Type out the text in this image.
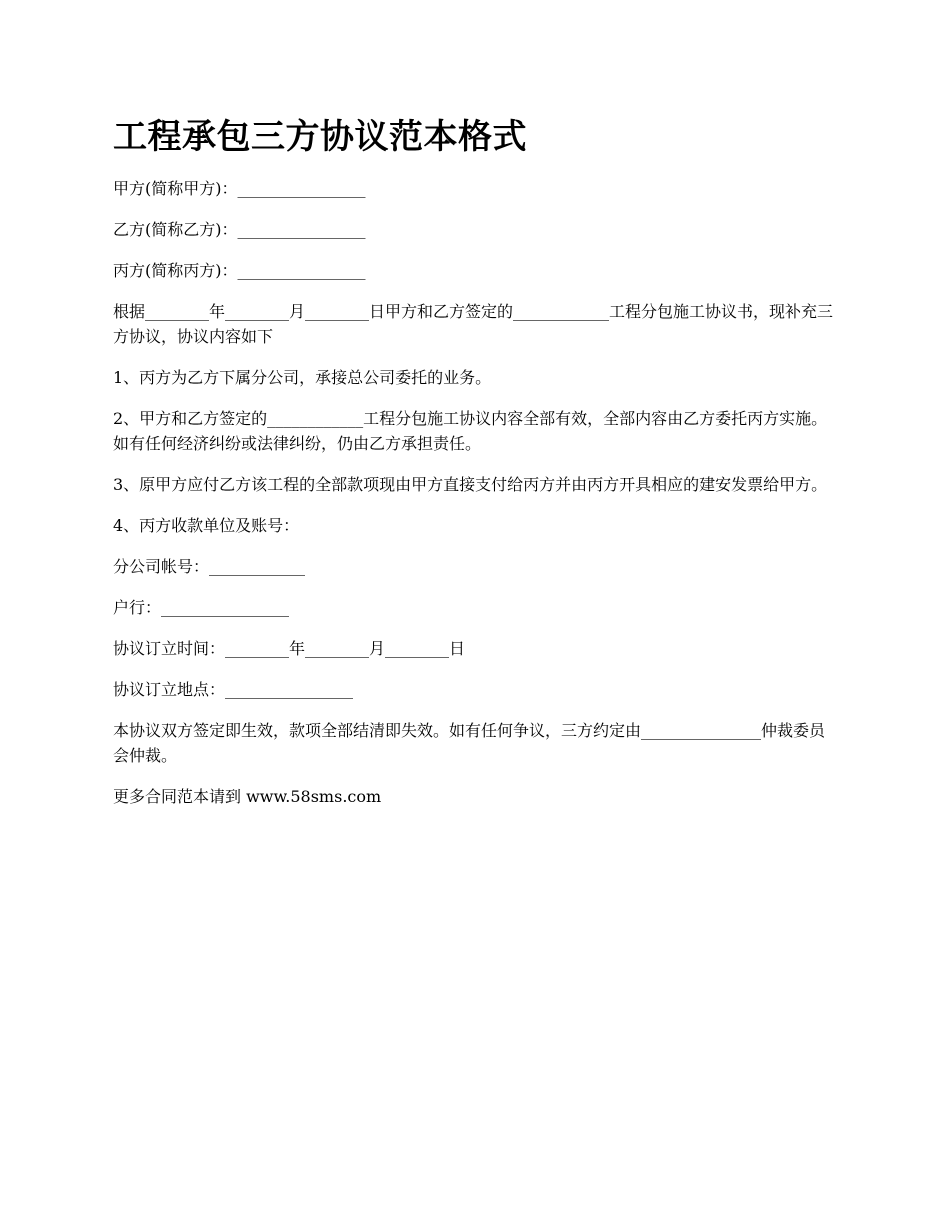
工程承包三方协议范本格式

甲方(简称甲方)：________________

乙方(简称乙方)：________________

丙方(简称丙方)：________________

根据________年________月________日甲方和乙方签定的____________工程分包施工协议书，现补充三方协议，协议内容如下

1、丙方为乙方下属分公司，承接总公司委托的业务。

2、甲方和乙方签定的____________工程分包施工协议内容全部有效，全部内容由乙方委托丙方实施。如有任何经济纠纷或法律纠纷，仍由乙方承担责任。

3、原甲方应付乙方该工程的全部款项现由甲方直接支付给丙方并由丙方开具相应的建安发票给甲方。

4、丙方收款单位及账号：

分公司帐号：____________

户行：________________

协议订立时间：________年________月________日

协议订立地点：________________

本协议双方签定即生效，款项全部结清即失效。如有任何争议，三方约定由_______________仲裁委员会仲裁。

更多合同范本请到 www.58sms.com
